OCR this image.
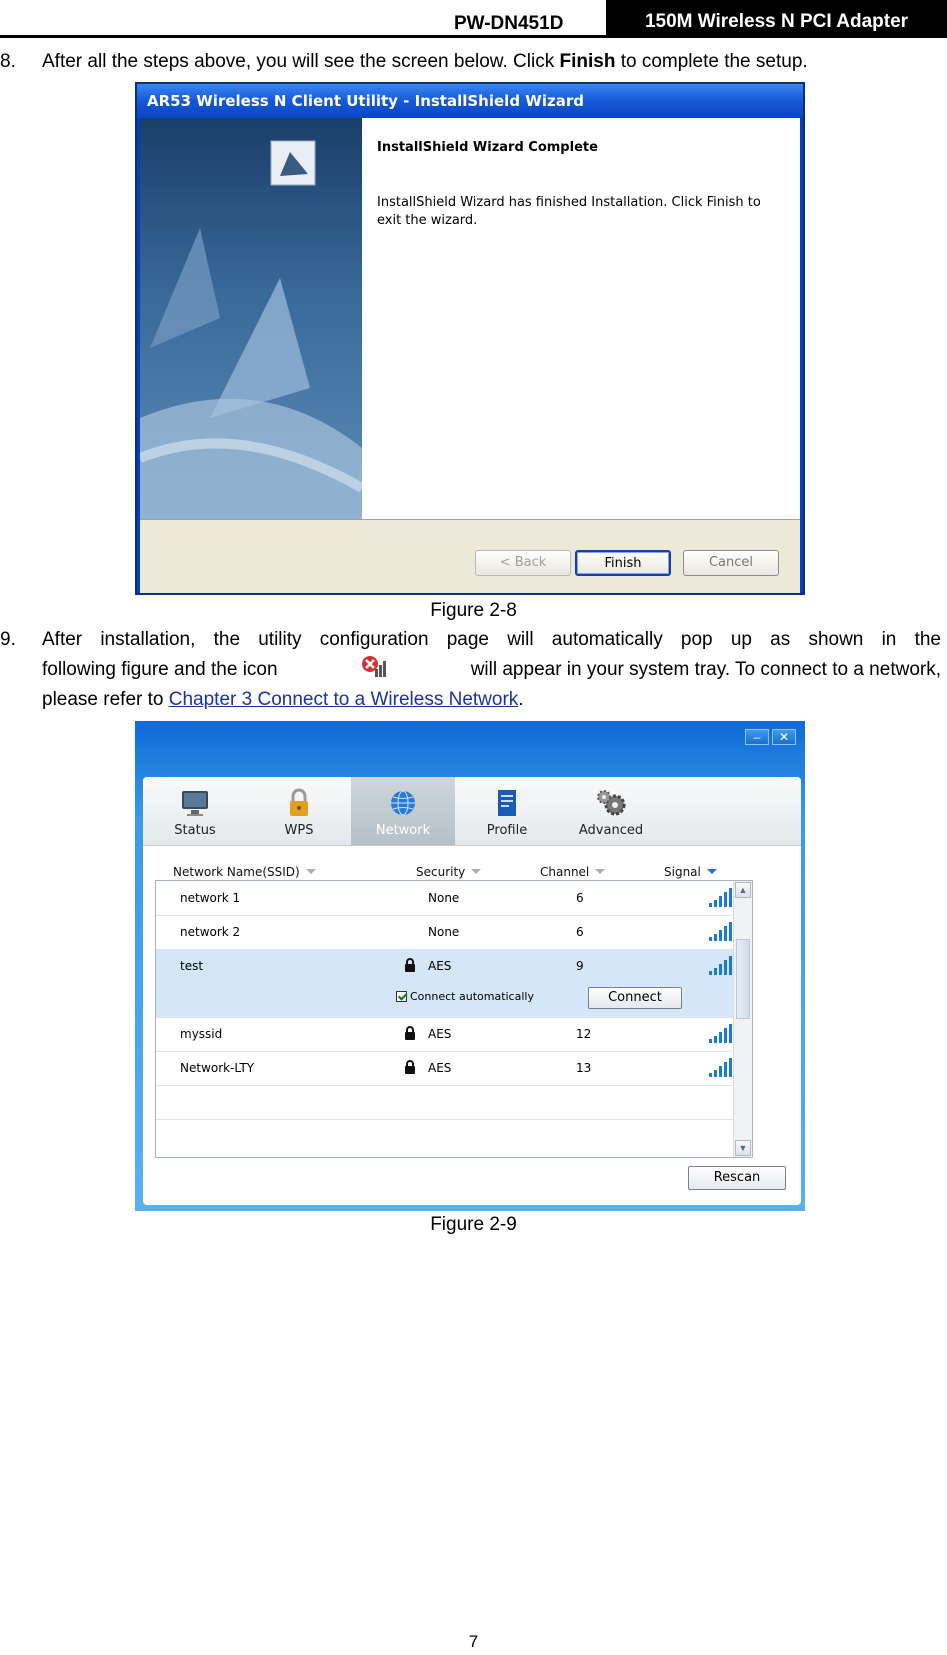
PW-DN451D	150M Wireless N PCI Adapter
8. After all the steps above, you will see the screen below. Click Finish to complete the setup.
AR53 Wireless N Client Utility - InstallShield Wizard
InstallShield Wizard Complete
InstallShield Wizard has finished Installation. Click Finish to exit the wizard.
< Back	Finish	Cancel
Figure 2-8
9. After installation, the utility configuration page will automatically pop up as shown in the
following figure and the icon	will appear in your system tray. To connect to a network,
please refer to Chapter 3 Connect to a Wireless Network.
–	✕
Status	WPS	Network	Profile	Advanced
Network Name(SSID)	Security	Channel	Signal
network 1	None	6
network 2	None	6
test	AES	9
Connect automatically	Connect
myssid	AES	12
Network-LTY	AES	13
▲
▼
Rescan
Figure 2-9
7
